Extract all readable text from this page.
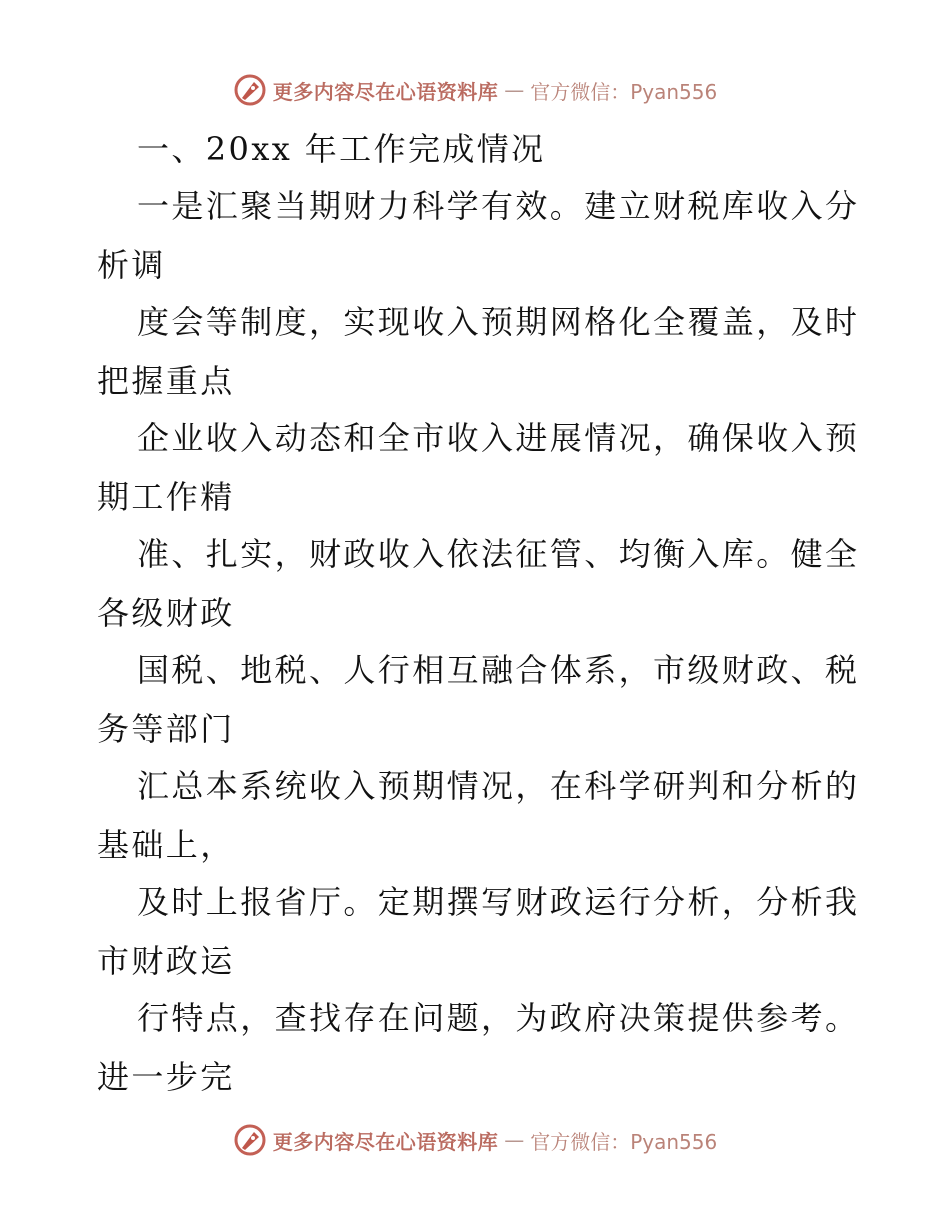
更多内容尽在心语资料库 — 官方微信：Pyan556
一、20xx 年工作完成情况
一是汇聚当期财力科学有效。建立财税库收入分
析调
度会等制度，实现收入预期网格化全覆盖，及时
把握重点
企业收入动态和全市收入进展情况，确保收入预
期工作精
准、扎实，财政收入依法征管、均衡入库。健全
各级财政
国税、地税、人行相互融合体系，市级财政、税
务等部门
汇总本系统收入预期情况，在科学研判和分析的
基础上，
及时上报省厅。定期撰写财政运行分析，分析我
市财政运
行特点，查找存在问题，为政府决策提供参考。
进一步完
更多内容尽在心语资料库 — 官方微信：Pyan556
